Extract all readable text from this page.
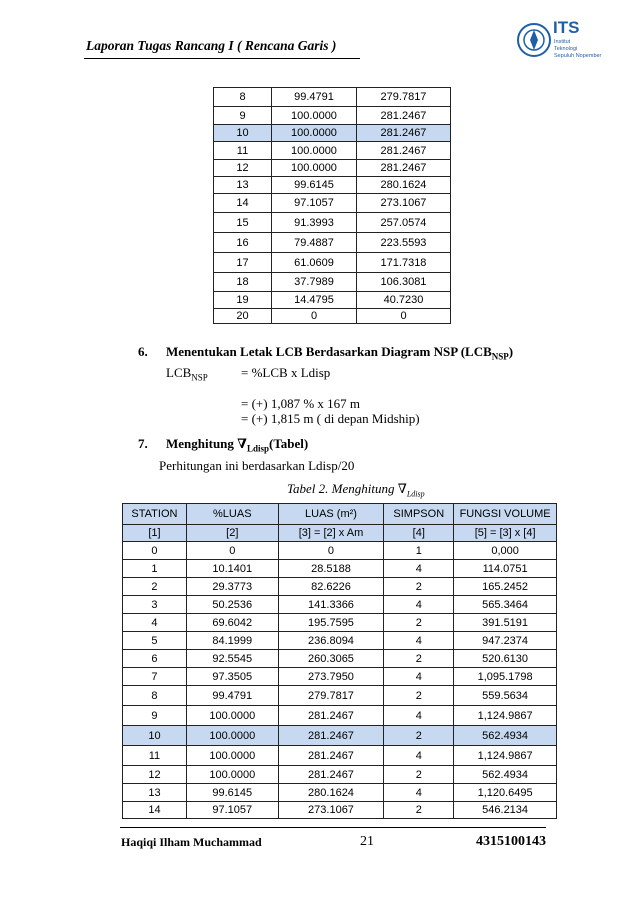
Laporan Tugas Rancang I ( Rencana Garis )
ITS
Institut
Teknologi
Sepuluh Nopember
8	99.4791	279.7817
9	100.0000	281.2467
10	100.0000	281.2467
11	100.0000	281.2467
12	100.0000	281.2467
13	99.6145	280.1624
14	97.1057	273.1067
15	91.3993	257.0574
16	79.4887	223.5593
17	61.0609	171.7318
18	37.7989	106.3081
19	14.4795	40.7230
20	0	0
6. Menentukan Letak LCB Berdasarkan Diagram NSP $(LCB_{NSP})$
$LCB_{NSP}$	= %LCB x Ldisp
= (+) 1,087 % x 167 m
= (+) 1,815 m ( di depan Midship)
7. Menghitung $\nabla_{Ldisp}(Tabel)$
Perhitungan ini berdasarkan Ldisp/20
Tabel 2. Menghitung $\nabla_{Ldisp}$
STATION	%LUAS	LUAS (m²)	SIMPSON	FUNGSI VOLUME
[1]	[2]	[3] = [2] x Am	[4]	[5] = [3] x [4]
0	0	0	1	0,000
1	10.1401	28.5188	4	114.0751
2	29.3773	82.6226	2	165.2452
3	50.2536	141.3366	4	565.3464
4	69.6042	195.7595	2	391.5191
5	84.1999	236.8094	4	947.2374
6	92.5545	260.3065	2	520.6130
7	97.3505	273.7950	4	1,095.1798
8	99.4791	279.7817	2	559.5634
9	100.0000	281.2467	4	1,124.9867
10	100.0000	281.2467	2	562.4934
11	100.0000	281.2467	4	1,124.9867
12	100.0000	281.2467	2	562.4934
13	99.6145	280.1624	4	1,120.6495
14	97.1057	273.1067	2	546.2134
Haqiqi Ilham Muchammad	21	4315100143
